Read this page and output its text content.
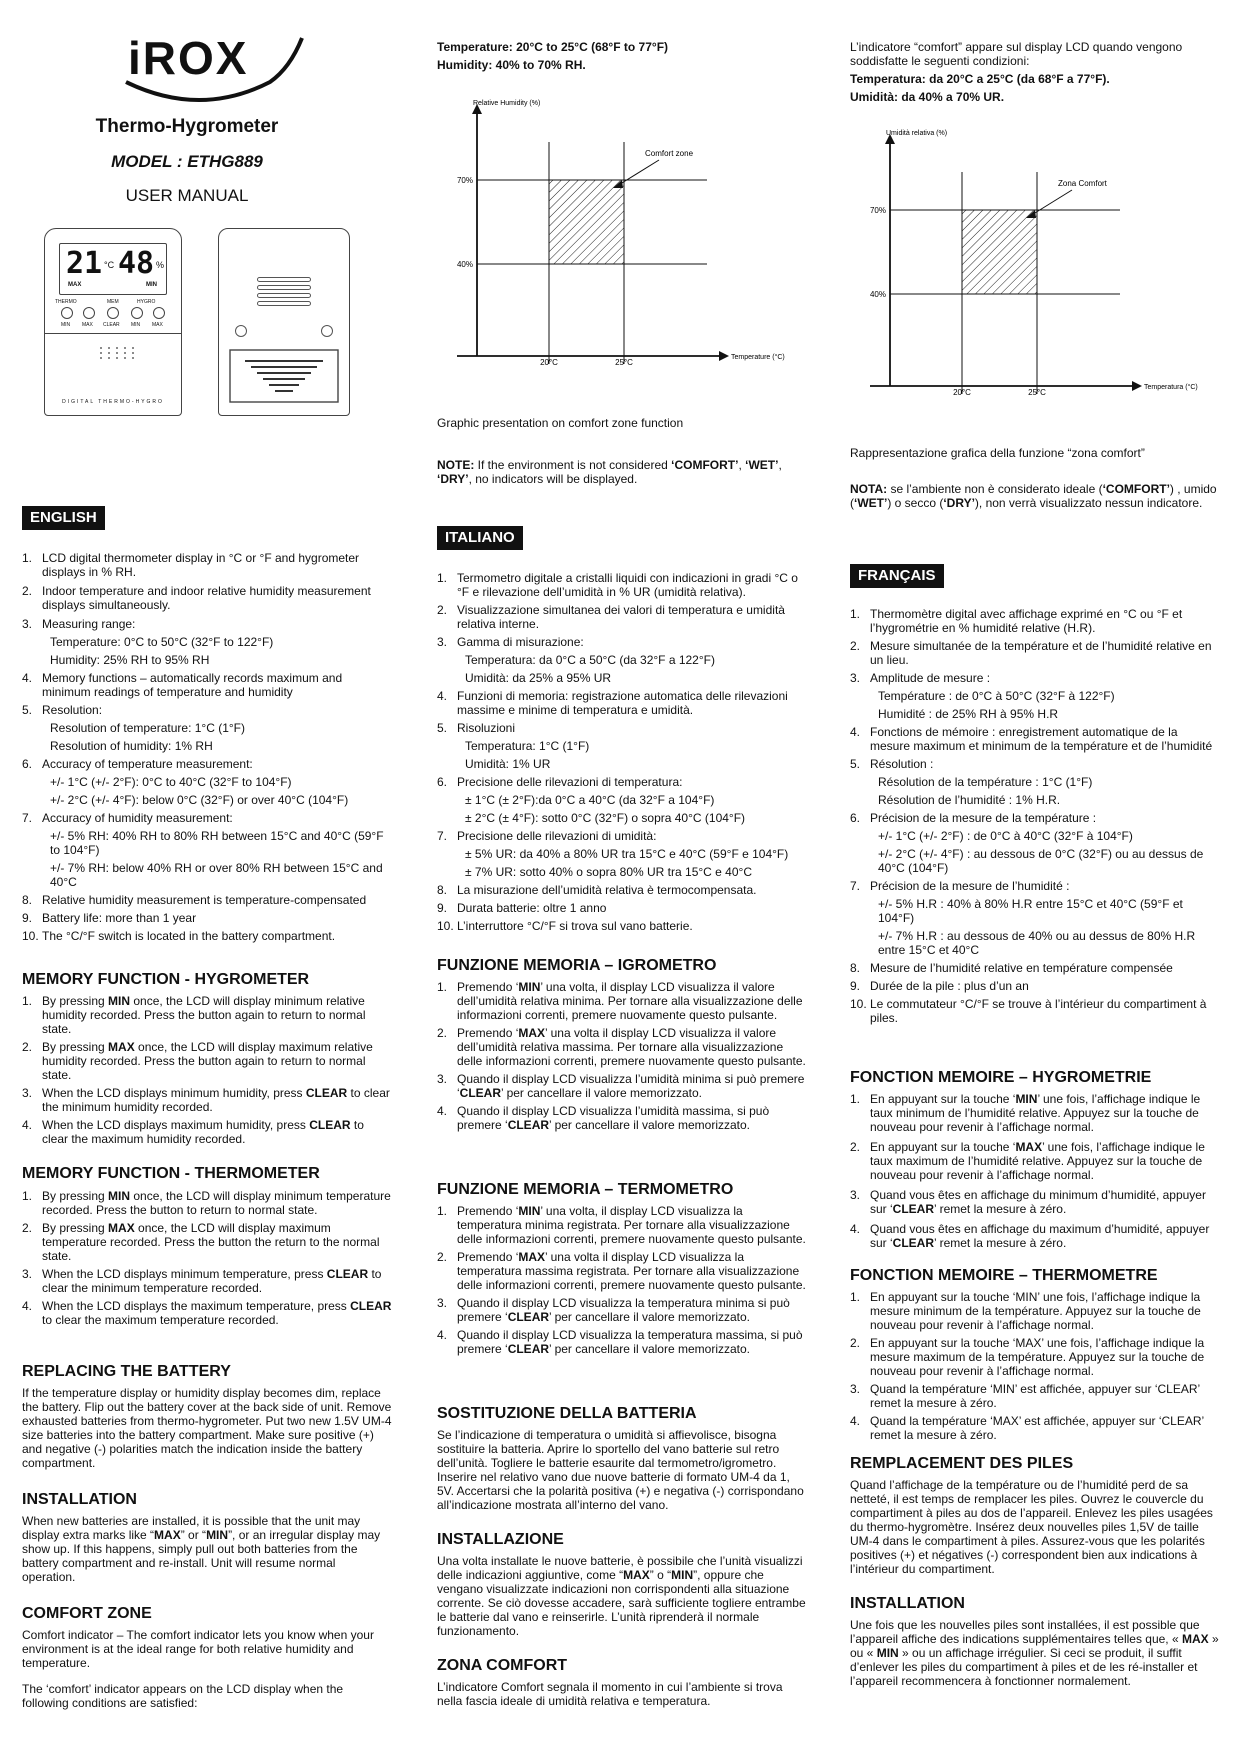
iROX

Thermo-Hygrometer

MODEL : ETHG889

USER MANUAL

21 °C 48 %
MAX	MIN
THERMO	MEM	HYGRO
MIN MAX CLEAR MIN MAX
DIGITAL THERMO-HYGRO
ENGLISH
1. LCD digital thermometer display in °C or °F and hygrometer displays in % RH.
2. Indoor temperature and indoor relative humidity measurement displays simultaneously.
3. Measuring range:
Temperature: 0°C to 50°C (32°F to 122°F)
Humidity: 25% RH to 95% RH
4. Memory functions – automatically records maximum and minimum readings of temperature and humidity
5. Resolution:
Resolution of temperature: 1°C (1°F)
Resolution of humidity: 1% RH
6. Accuracy of temperature measurement:
+/- 1°C (+/- 2°F): 0°C to 40°C (32°F to 104°F)
+/- 2°C (+/- 4°F): below 0°C (32°F) or over 40°C (104°F)
7. Accuracy of humidity measurement:
+/- 5% RH: 40% RH to 80% RH between 15°C and 40°C (59°F to 104°F)
+/- 7% RH: below 40% RH or over 80% RH between 15°C and 40°C
8. Relative humidity measurement is temperature-compensated
9. Battery life: more than 1 year
10. The °C/°F switch is located in the battery compartment.

MEMORY FUNCTION - HYGROMETER

1. By pressing MIN once, the LCD will display minimum relative humidity recorded. Press the button again to return to normal state.
2. By pressing MAX once, the LCD will display maximum relative humidity recorded. Press the button again to return to normal state.
3. When the LCD displays minimum humidity, press CLEAR to clear the minimum humidity recorded.
4. When the LCD displays maximum humidity, press CLEAR to clear the maximum humidity recorded.

MEMORY FUNCTION - THERMOMETER

1. By pressing MIN once, the LCD will display minimum temperature recorded. Press the button to return to normal state.
2. By pressing MAX once, the LCD will display maximum temperature recorded. Press the button the return to the normal state.
3. When the LCD displays minimum temperature, press CLEAR to clear the minimum temperature recorded.
4. When the LCD displays the maximum temperature, press CLEAR to clear the maximum temperature recorded.

REPLACING THE BATTERY

If the temperature display or humidity display becomes dim, replace the battery. Flip out the battery cover at the back side of unit. Remove exhausted batteries from thermo-hygrometer. Put two new 1.5V UM-4 size batteries into the battery compartment. Make sure positive (+) and negative (-) polarities match the indication inside the battery compartment.

INSTALLATION

When new batteries are installed, it is possible that the unit may display extra marks like “MAX” or “MIN”, or an irregular display may show up. If this happens, simply pull out both batteries from the battery compartment and re-install. Unit will resume normal operation.

COMFORT ZONE

Comfort indicator – The comfort indicator lets you know when your environment is at the ideal range for both relative humidity and temperature.

The ‘comfort’ indicator appears on the LCD display when the following conditions are satisfied:

Temperature: 20°C to 25°C (68°F to 77°F)

Humidity: 40% to 70% RH.

70%
40%
20°C	25°C
Relative Humidity (%)
Temperature (°C)
Comfort zone

Graphic presentation on comfort zone function

NOTE: If the environment is not considered ‘COMFORT’, ‘WET’, ‘DRY’, no indicators will be displayed.

ITALIANO
1. Termometro digitale a cristalli liquidi con indicazioni in gradi °C o °F e rilevazione dell’umidità in % UR (umidità relativa).
2. Visualizzazione simultanea dei valori di temperatura e umidità relativa interne.
3. Gamma di misurazione:
Temperatura: da 0°C a 50°C (da 32°F a 122°F)
Umidità: da 25% a 95% UR
4. Funzioni di memoria: registrazione automatica delle rilevazioni massime e minime di temperatura e umidità.
5. Risoluzioni
Temperatura: 1°C (1°F)
Umidità: 1% UR
6. Precisione delle rilevazioni di temperatura:
± 1°C (± 2°F):da 0°C a 40°C (da 32°F a 104°F)
± 2°C (± 4°F): sotto 0°C (32°F) o sopra 40°C (104°F)
7. Precisione delle rilevazioni di umidità:
± 5% UR: da 40% a 80% UR tra 15°C e 40°C (59°F e 104°F)
± 7% UR: sotto 40% o sopra 80% UR tra 15°C e 40°C
8. La misurazione dell’umidità relativa è termocompensata.
9. Durata batterie: oltre 1 anno
10. L’interruttore °C/°F si trova sul vano batterie.

FUNZIONE MEMORIA – IGROMETRO

1. Premendo ‘MIN’ una volta, il display LCD visualizza il valore dell’umidità relativa minima. Per tornare alla visualizzazione delle informazioni correnti, premere nuovamente questo pulsante.
2. Premendo ‘MAX’ una volta il display LCD visualizza il valore dell’umidità relativa massima. Per tornare alla visualizzazione delle informazioni correnti, premere nuovamente questo pulsante.
3. Quando il display LCD visualizza l’umidità minima si può premere ‘CLEAR’ per cancellare il valore memorizzato.
4. Quando il display LCD visualizza l’umidità massima, si può premere ‘CLEAR’ per cancellare il valore memorizzato.

FUNZIONE MEMORIA – TERMOMETRO

1. Premendo ‘MIN’ una volta, il display LCD visualizza la temperatura minima registrata. Per tornare alla visualizzazione delle informazioni correnti, premere nuovamente questo pulsante.
2. Premendo ‘MAX’ una volta il display LCD visualizza la temperatura massima registrata. Per tornare alla visualizzazione delle informazioni correnti, premere nuovamente questo pulsante.
3. Quando il display LCD visualizza la temperatura minima si può premere ‘CLEAR’ per cancellare il valore memorizzato.
4. Quando il display LCD visualizza la temperatura massima, si può premere ‘CLEAR’ per cancellare il valore memorizzato.

SOSTITUZIONE DELLA BATTERIA

Se l’indicazione di temperatura o umidità si affievolisce, bisogna sostituire la batteria. Aprire lo sportello del vano batterie sul retro dell’unità. Togliere le batterie esaurite dal termometro/igrometro. Inserire nel relativo vano due nuove batterie di formato UM-4 da 1, 5V. Accertarsi che la polarità positiva (+) e negativa (-) corrispondano all’indicazione mostrata all’interno del vano.

INSTALLAZIONE

Una volta installate le nuove batterie, è possibile che l’unità visualizzi delle indicazioni aggiuntive, come “MAX” o “MIN”, oppure che vengano visualizzate indicazioni non corrispondenti alla situazione corrente. Se ciò dovesse accadere, sarà sufficiente togliere entrambe le batterie dal vano e reinserirle. L’unità riprenderà il normale funzionamento.

ZONA COMFORT

L’indicatore Comfort segnala il momento in cui l’ambiente si trova nella fascia ideale di umidità relativa e temperatura.

L’indicatore “comfort” appare sul display LCD quando vengono soddisfatte le seguenti condizioni:

Temperatura: da 20°C a 25°C (da 68°F a 77°F).

Umidità: da 40% a 70% UR.

70%
40%
20°C	25°C
Umidità relativa (%)
Temperatura (°C)
Zona Comfort

Rappresentazione grafica della funzione “zona comfort”

NOTA: se l’ambiente non è considerato ideale (‘COMFORT’) , umido (‘WET’) o secco (‘DRY’), non verrà visualizzato nessun indicatore.

FRANÇAIS
1. Thermomètre digital avec affichage exprimé en °C ou °F et l’hygrométrie en % humidité relative (H.R).
2. Mesure simultanée de la température et de l’humidité relative en un lieu.
3. Amplitude de mesure :
Température : de 0°C à 50°C (32°F à 122°F)
Humidité : de 25% RH à 95% H.R
4. Fonctions de mémoire : enregistrement automatique de la mesure maximum et minimum de la température et de l’humidité
5. Résolution :
Résolution de la température : 1°C (1°F)
Résolution de l’humidité : 1% H.R.
6. Précision de la mesure de la température :
+/- 1°C (+/- 2°F) : de 0°C à 40°C (32°F à 104°F)
+/- 2°C (+/- 4°F) : au dessous de 0°C (32°F) ou au dessus de 40°C (104°F)
7. Précision de la mesure de l’humidité :
+/- 5% H.R : 40% à 80% H.R entre 15°C et 40°C (59°F et 104°F)
+/- 7% H.R : au dessous de 40% ou au dessus de 80% H.R entre 15°C et 40°C
8. Mesure de l’humidité relative en température compensée
9. Durée de la pile : plus d’un an
10. Le commutateur °C/°F se trouve à l’intérieur du compartiment à piles.

FONCTION MEMOIRE – HYGROMETRIE

1. En appuyant sur la touche ‘MIN’ une fois, l’affichage indique le taux minimum de l’humidité relative. Appuyez sur la touche de nouveau pour revenir à l’affichage normal.
2. En appuyant sur la touche ‘MAX’ une fois, l’affichage indique le taux maximum de l’humidité relative. Appuyez sur la touche de nouveau pour revenir à l’affichage normal.
3. Quand vous êtes en affichage du minimum d’humidité, appuyer sur ‘CLEAR’ remet la mesure à zéro.
4. Quand vous êtes en affichage du maximum d’humidité, appuyer sur ‘CLEAR’ remet la mesure à zéro.

FONCTION MEMOIRE – THERMOMETRE

1. En appuyant sur la touche ‘MIN’ une fois, l’affichage indique la mesure minimum de la température. Appuyez sur la touche de nouveau pour revenir à l’affichage normal.
2. En appuyant sur la touche ‘MAX’ une fois, l’affichage indique la mesure maximum de la température. Appuyez sur la touche de nouveau pour revenir à l’affichage normal.
3. Quand la température ‘MIN’ est affichée, appuyer sur ‘CLEAR’ remet la mesure à zéro.
4. Quand la température ‘MAX’ est affichée, appuyer sur ‘CLEAR’ remet la mesure à zéro.

REMPLACEMENT DES PILES

Quand l’affichage de la température ou de l’humidité perd de sa netteté, il est temps de remplacer les piles. Ouvrez le couvercle du compartiment à piles au dos de l’appareil. Enlevez les piles usagées du thermo-hygromètre. Insérez deux nouvelles piles 1,5V de taille UM-4 dans le compartiment à piles. Assurez-vous que les polarités positives (+) et négatives (-) correspondent bien aux indications à l’intérieur du compartiment.

INSTALLATION

Une fois que les nouvelles piles sont installées, il est possible que l’appareil affiche des indications supplémentaires telles que, « MAX » ou « MIN » ou un affichage irrégulier. Si ceci se produit, il suffit d’enlever les piles du compartiment à piles et de les ré-installer et l’appareil recommencera à fonctionner normalement.
